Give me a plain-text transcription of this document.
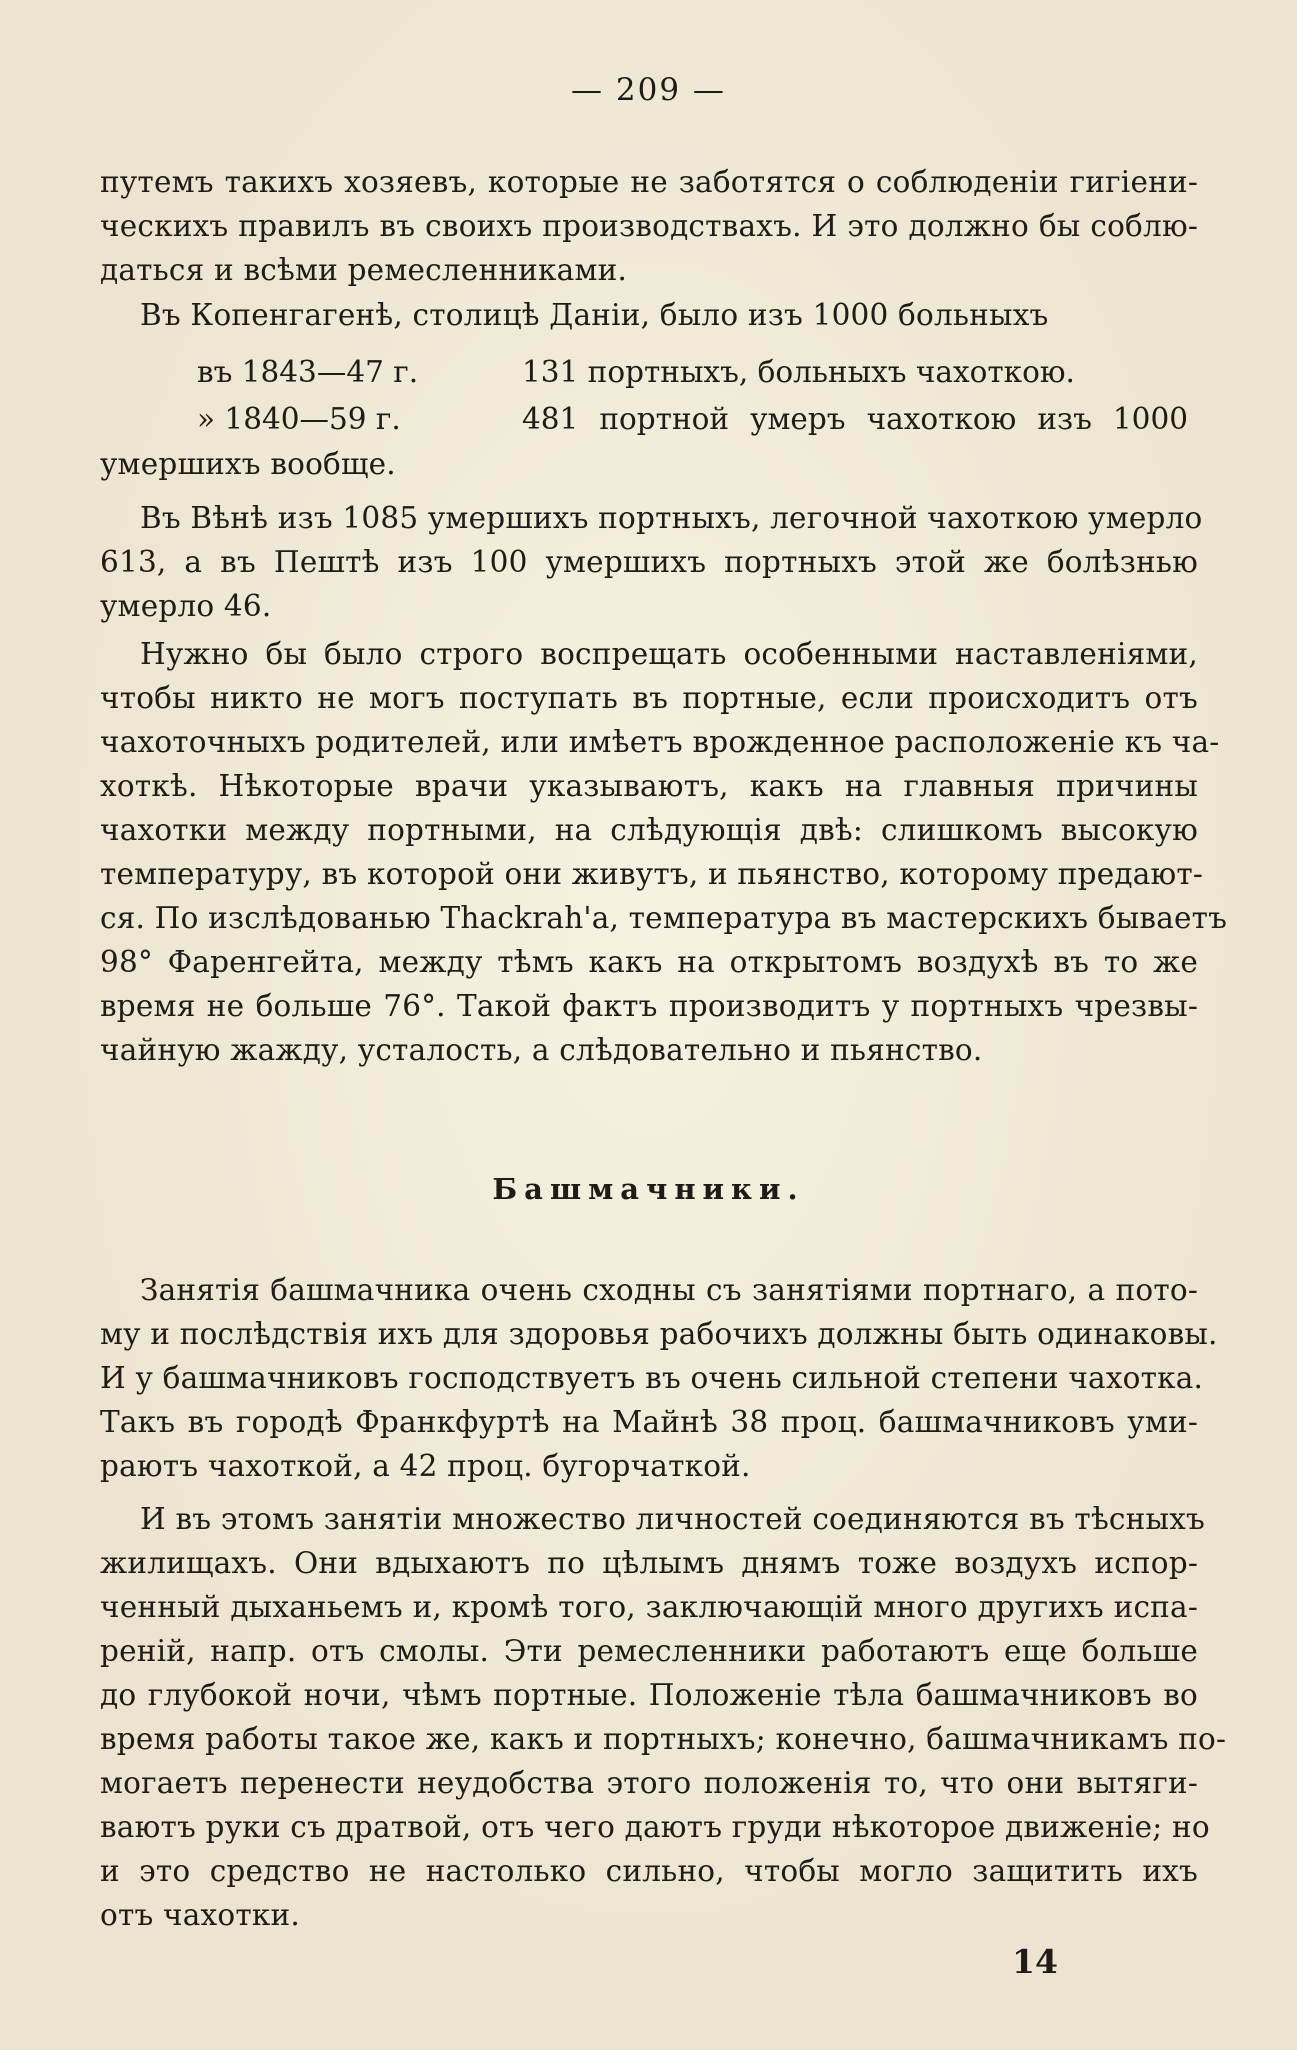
— 209 —
путемъ такихъ хозяевъ, которые не заботятся о соблюденіи гигіени-
ческихъ правилъ въ своихъ производствахъ. И это должно бы соблю-
даться и всѣми ремесленниками.
Въ Копенгагенѣ, столицѣ Даніи, было изъ 1000 больныхъ
въ 1843—47 г.	131 портныхъ, больныхъ чахоткою.
» 1840—59 г.	481 портной умеръ чахоткою изъ 1000
умершихъ вообще.
Въ Вѣнѣ изъ 1085 умершихъ портныхъ, легочной чахоткою умерло
613, а въ Пештѣ изъ 100 умершихъ портныхъ этой же болѣзнью
умерло 46.
Нужно бы было строго воспрещать особенными наставленіями,
чтобы никто не могъ поступать въ портные, если происходитъ отъ
чахоточныхъ родителей, или имѣетъ врожденное расположеніе къ ча-
хоткѣ. Нѣкоторые врачи указываютъ, какъ на главныя причины
чахотки между портными, на слѣдующія двѣ: слишкомъ высокую
температуру, въ которой они живутъ, и пьянство, которому предают-
ся. По изслѣдованью Thackrah'a, температура въ мастерскихъ бываетъ
98° Фаренгейта, между тѣмъ какъ на открытомъ воздухѣ въ то же
время не больше 76°. Такой фактъ производитъ у портныхъ чрезвы-
чайную жажду, усталость, а слѣдовательно и пьянство.
Башмачники.
Занятія башмачника очень сходны съ занятіями портнаго, а пото-
му и послѣдствія ихъ для здоровья рабочихъ должны быть одинаковы.
И у башмачниковъ господствуетъ въ очень сильной степени чахотка.
Такъ въ городѣ Франкфуртѣ на Майнѣ 38 проц. башмачниковъ уми-
раютъ чахоткой, а 42 проц. бугорчаткой.
И въ этомъ занятіи множество личностей соединяются въ тѣсныхъ
жилищахъ. Они вдыхаютъ по цѣлымъ днямъ тоже воздухъ испор-
ченный дыханьемъ и, кромѣ того, заключающій много другихъ испа-
реній, напр. отъ смолы. Эти ремесленники работаютъ еще больше
до глубокой ночи, чѣмъ портные. Положеніе тѣла башмачниковъ во
время работы такое же, какъ и портныхъ; конечно, башмачникамъ по-
могаетъ перенести неудобства этого положенія то, что они вытяги-
ваютъ руки съ дратвой, отъ чего даютъ груди нѣкоторое движеніе; но
и это средство не настолько сильно, чтобы могло защитить ихъ
отъ чахотки.
14
